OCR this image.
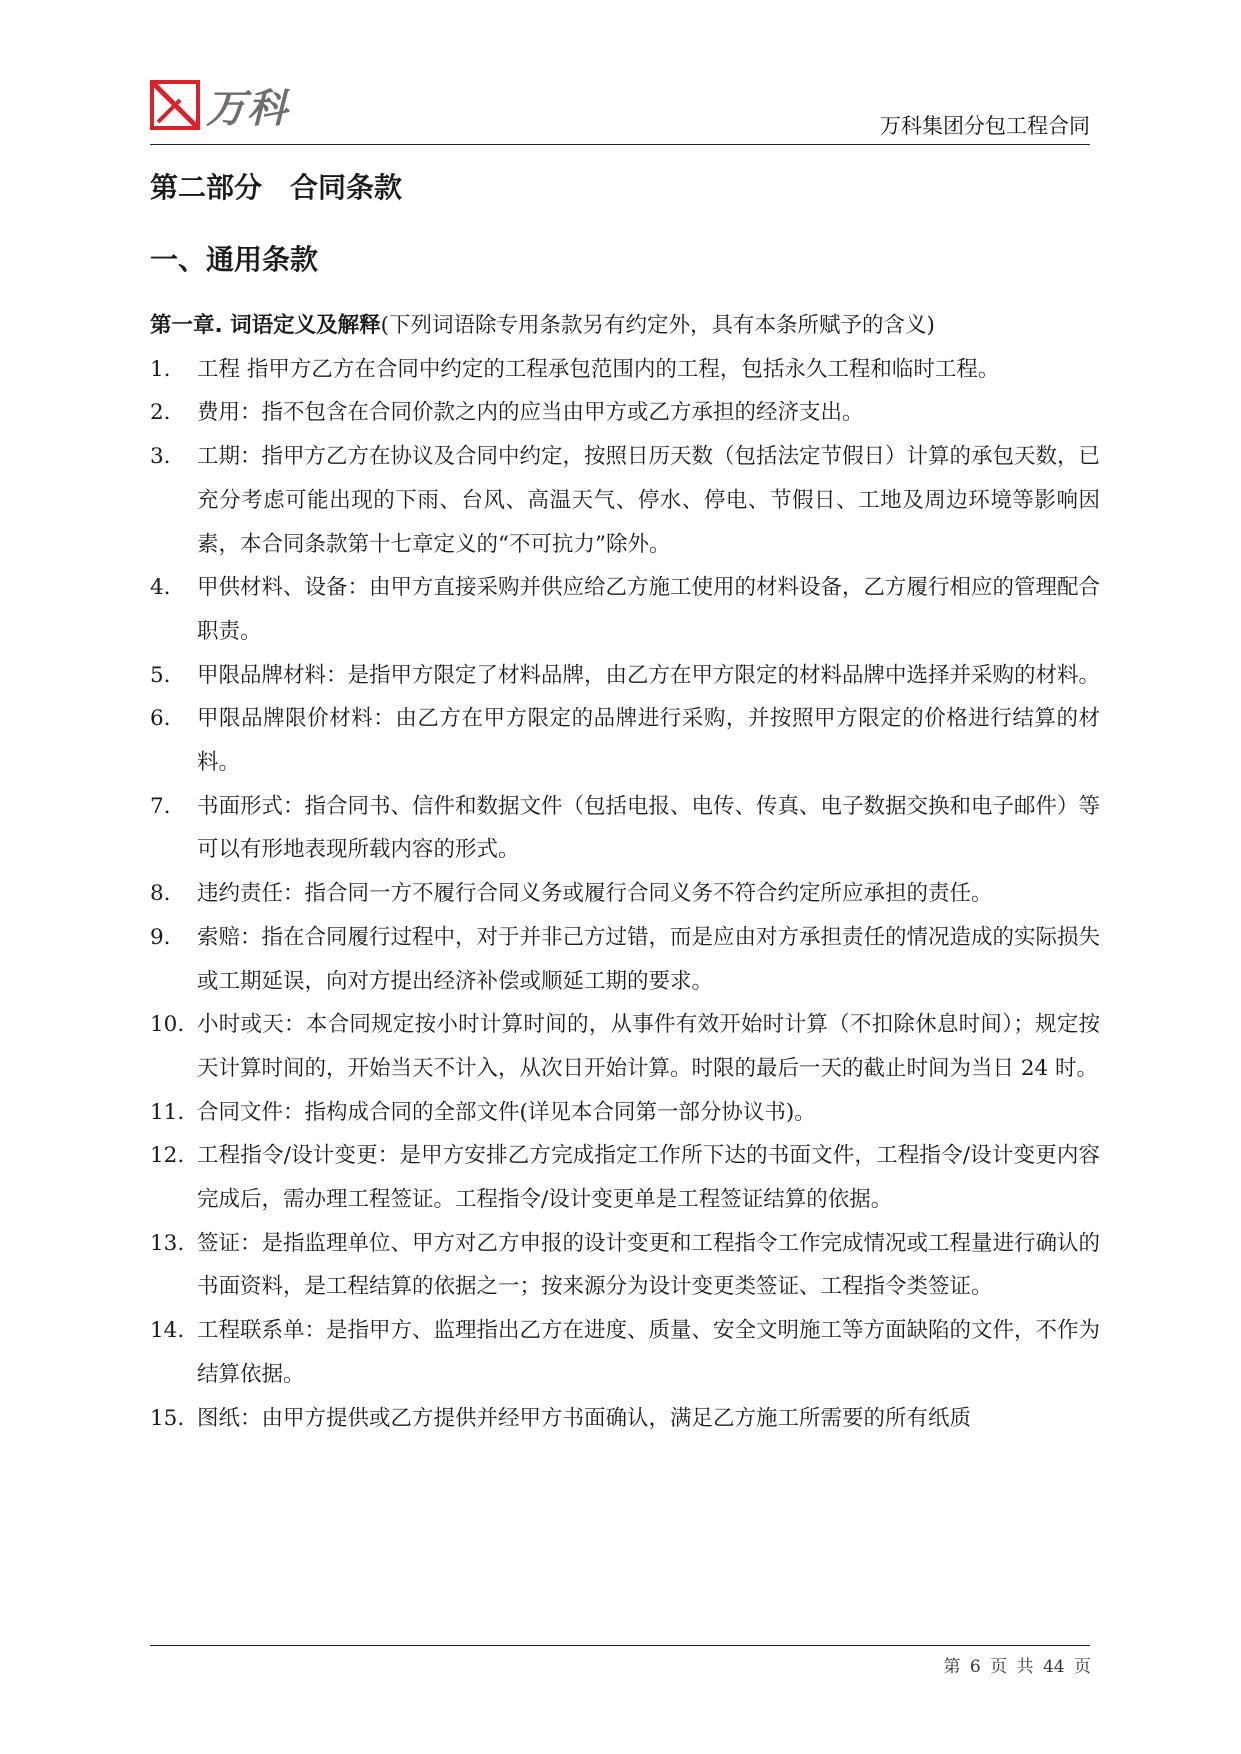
万科	万科集团分包工程合同
第二部分　合同条款
一、通用条款
第一章. 词语定义及解释(下列词语除专用条款另有约定外，具有本条所赋予的含义)
1. 工程 指甲方乙方在合同中约定的工程承包范围内的工程，包括永久工程和临时工程。
2. 费用：指不包含在合同价款之内的应当由甲方或乙方承担的经济支出。
3. 工期：指甲方乙方在协议及合同中约定，按照日历天数（包括法定节假日）计算的承包天数，已充分考虑可能出现的下雨、台风、高温天气、停水、停电、节假日、工地及周边环境等影响因素，本合同条款第十七章定义的“不可抗力”除外。
4. 甲供材料、设备：由甲方直接采购并供应给乙方施工使用的材料设备，乙方履行相应的管理配合职责。
5. 甲限品牌材料：是指甲方限定了材料品牌，由乙方在甲方限定的材料品牌中选择并采购的材料。
6. 甲限品牌限价材料：由乙方在甲方限定的品牌进行采购，并按照甲方限定的价格进行结算的材料。
7. 书面形式：指合同书、信件和数据文件（包括电报、电传、传真、电子数据交换和电子邮件）等可以有形地表现所载内容的形式。
8. 违约责任：指合同一方不履行合同义务或履行合同义务不符合约定所应承担的责任。
9. 索赔：指在合同履行过程中，对于并非己方过错，而是应由对方承担责任的情况造成的实际损失或工期延误，向对方提出经济补偿或顺延工期的要求。
10. 小时或天：本合同规定按小时计算时间的，从事件有效开始时计算（不扣除休息时间）；规定按天计算时间的，开始当天不计入，从次日开始计算。时限的最后一天的截止时间为当日 24 时。
11. 合同文件：指构成合同的全部文件(详见本合同第一部分协议书)。
12. 工程指令/设计变更：是甲方安排乙方完成指定工作所下达的书面文件，工程指令/设计变更内容完成后，需办理工程签证。工程指令/设计变更单是工程签证结算的依据。
13. 签证：是指监理单位、甲方对乙方申报的设计变更和工程指令工作完成情况或工程量进行确认的书面资料，是工程结算的依据之一；按来源分为设计变更类签证、工程指令类签证。
14. 工程联系单：是指甲方、监理指出乙方在进度、质量、安全文明施工等方面缺陷的文件，不作为结算依据。
15. 图纸：由甲方提供或乙方提供并经甲方书面确认，满足乙方施工所需要的所有纸质
第 6 页 共 44 页
